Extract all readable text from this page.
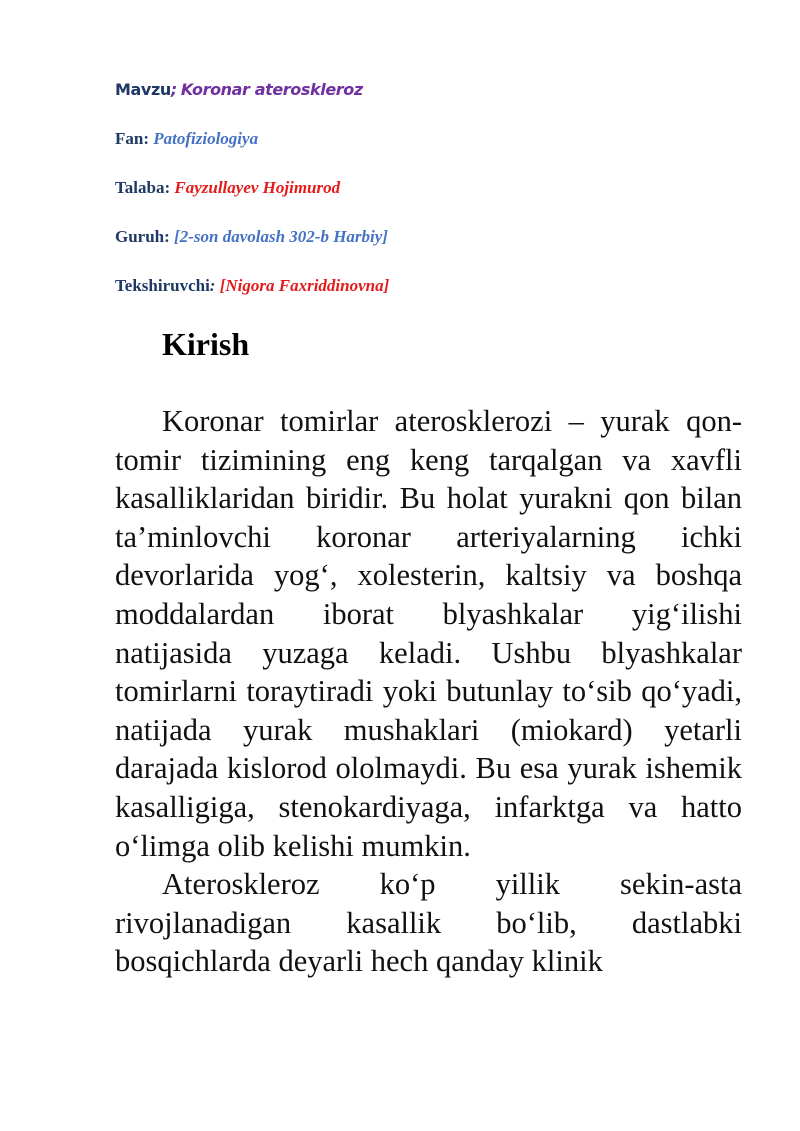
Mavzu; Koronar ateroskleroz
Fan: Patofiziologiya
Talaba: Fayzullayev Hojimurod
Guruh: [2-son davolash 302-b Harbiy]
Tekshiruvchi: [Nigora Faxriddinovna]
Kirish

Koronar tomirlar aterosklerozi – yurak qon-tomir tizimining eng keng tarqalgan va xavfli kasalliklaridan biridir. Bu holat yurakni qon bilan ta’minlovchi koronar arteriyalarning ichki devorlarida yog‘, xolesterin, kaltsiy va boshqa moddalardan iborat blyashkalar yig‘ilishi natijasida yuzaga keladi. Ushbu blyashkalar tomirlarni toraytiradi yoki butunlay to‘sib qo‘yadi, natijada yurak mushaklari (miokard) yetarli darajada kislorod ololmaydi. Bu esa yurak ishemik kasalligiga, stenokardiyaga, infarktga va hatto o‘limga olib kelishi mumkin.

Ateroskleroz ko‘p yillik sekin-asta rivojlanadigan kasallik bo‘lib, dastlabki bosqichlarda deyarli hech qanday klinik
